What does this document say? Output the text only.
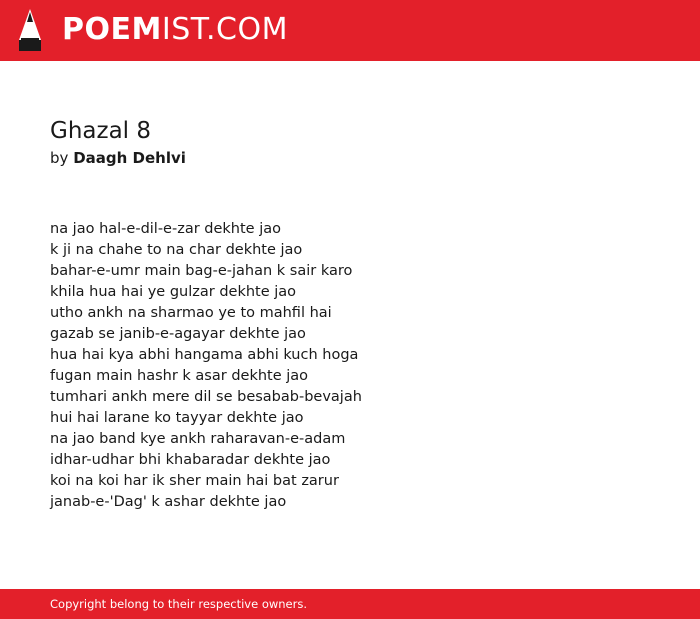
POEMIST.COM
Ghazal 8
by Daagh Dehlvi
na jao hal-e-dil-e-zar dekhte jao
k ji na chahe to na char dekhte jao
bahar-e-umr main bag-e-jahan k sair karo
khila hua hai ye gulzar dekhte jao
utho ankh na sharmao ye to mahfil hai
gazab se janib-e-agayar dekhte jao
hua hai kya abhi hangama abhi kuch hoga
fugan main hashr k asar dekhte jao
tumhari ankh mere dil se besabab-bevajah
hui hai larane ko tayyar dekhte jao
na jao band kye ankh raharavan-e-adam
idhar-udhar bhi khabaradar dekhte jao
koi na koi har ik sher main hai bat zarur
janab-e-'Dag' k ashar dekhte jao
Copyright belong to their respective owners.
